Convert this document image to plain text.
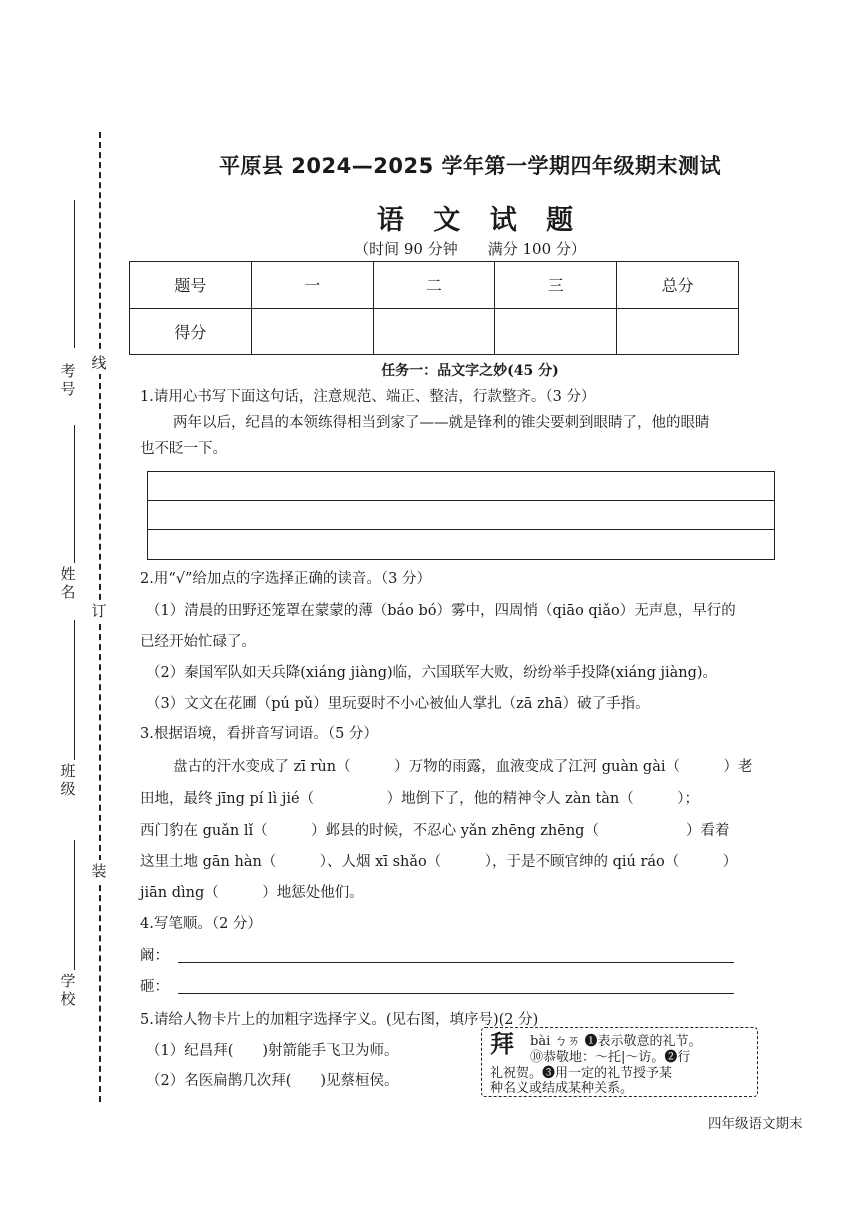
线
订
装
考号
姓名
班级
学校
平原县 2024—2025 学年第一学期四年级期末测试
语 文 试 题
（时间 90 分钟　　满分 100 分）
题号	一	二	三	总分
得分				
任务一：品文字之妙(45 分)
1.请用心书写下面这句话，注意规范、端正、整洁，行款整齐。（3 分）
两年以后，纪昌的本领练得相当到家了——就是锋利的锥尖要刺到眼睛了，他的眼睛
也不眨一下。
2.用“√”给加点的字选择正确的读音。（3 分）
（1）清晨的田野还笼罩在蒙蒙的薄（báo bó）雾中，四周悄（qiāo qiǎo）无声息，早行的
已经开始忙碌了。
（2）秦国军队如天兵降(xiáng jiàng)临，六国联军大败，纷纷举手投降(xiáng jiàng)。
（3）文文在花圃（pú pǔ）里玩耍时不小心被仙人掌扎（zā zhā）破了手指。
3.根据语境，看拼音写词语。（5 分）
盘古的汗水变成了 zī rùn（　　　）万物的雨露，血液变成了江河 guàn gài（　　　）老
田地，最终 jīng pí lì jié（　　　　　）地倒下了，他的精神令人 zàn tàn（　　　）；
西门豹在 guǎn lǐ（　　　）邺县的时候，不忍心 yǎn zhēng zhēng（　　　　　　）看着
这里土地 gān hàn（　　　）、人烟 xī shǎo（　　　），于是不顾官绅的 qiú ráo（　　　）
jiān dìng（　　　）地惩处他们。
4.写笔顺。（2 分）
阚：
砸：
5.请给人物卡片上的加粗字选择字义。(见右图，填序号)(2 分)
（1）纪昌拜(　　)射箭能手飞卫为师。
（2）名医扁鹊几次拜(　　)见蔡桓侯。
拜 bài ㄅㄞ ❶表示敬意的礼节。
⑩恭敬地：～托|～访。❷行
礼祝贺。❸用一定的礼节授予某
种名义或结成某种关系。
四年级语文期末
